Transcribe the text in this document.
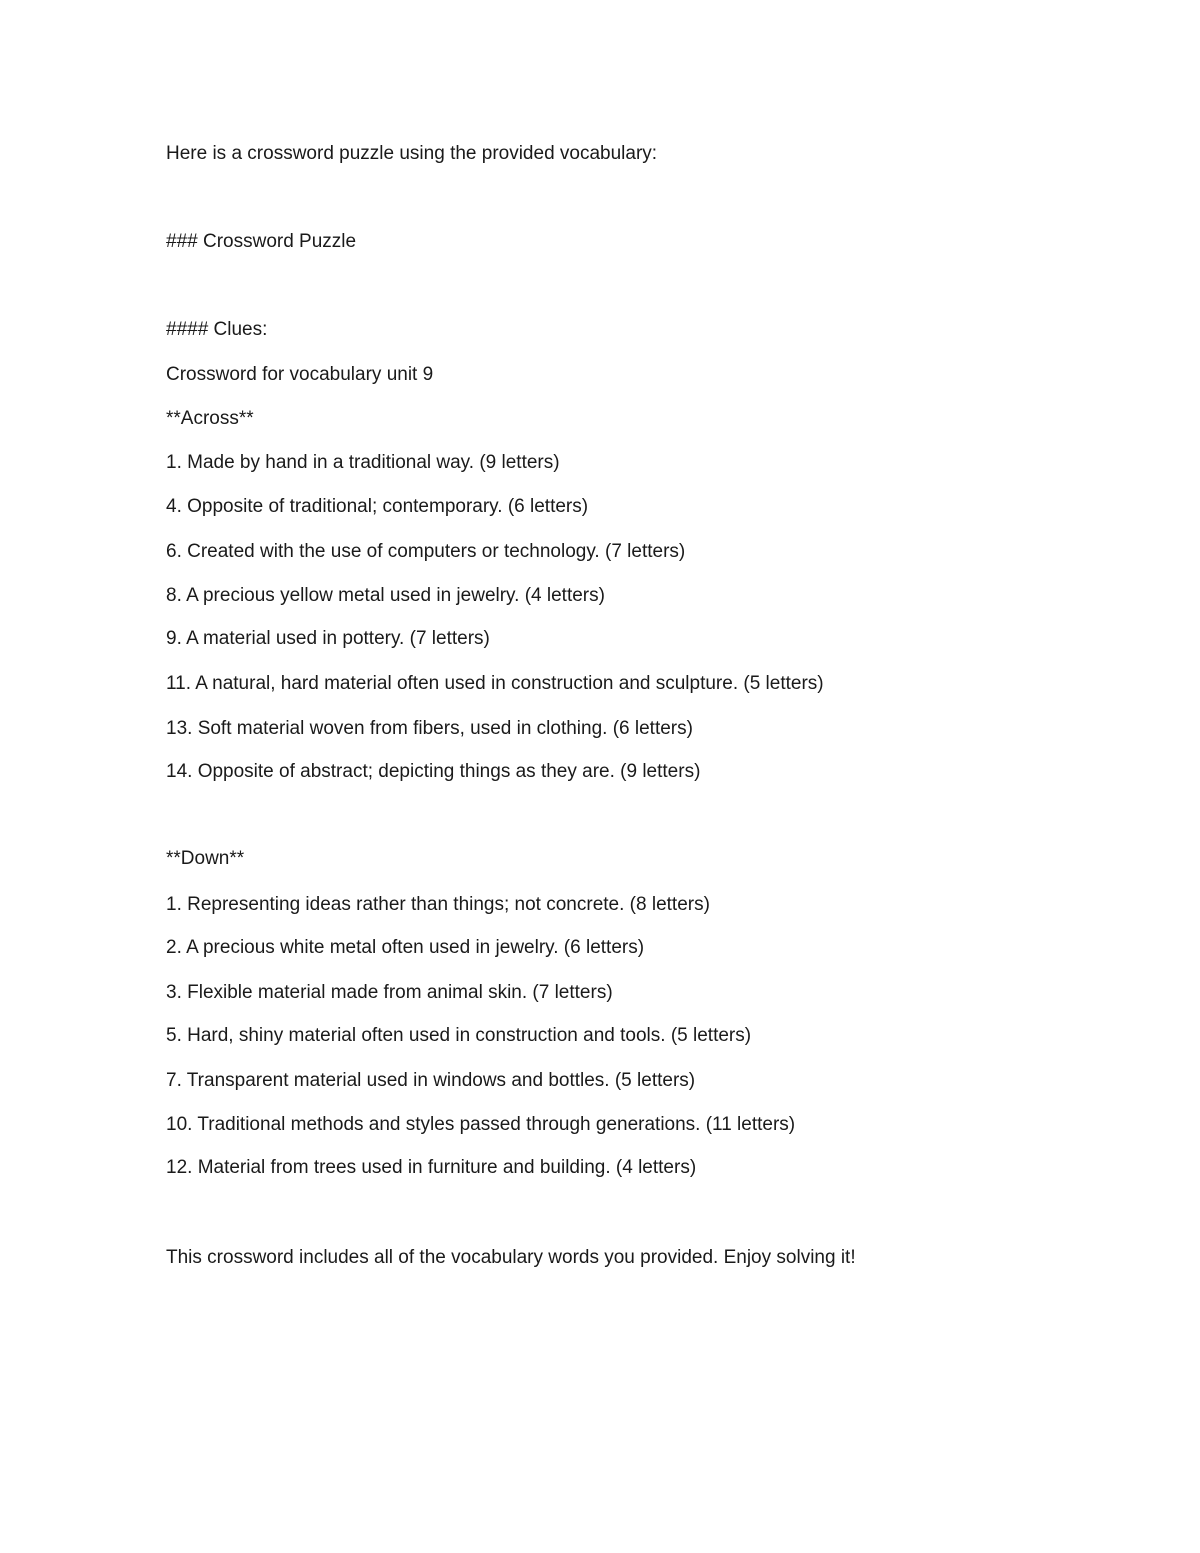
Here is a crossword puzzle using the provided vocabulary:
### Crossword Puzzle
#### Clues:
Crossword for vocabulary unit 9
**Across**
1. Made by hand in a traditional way. (9 letters)
4. Opposite of traditional; contemporary. (6 letters)
6. Created with the use of computers or technology. (7 letters)
8. A precious yellow metal used in jewelry. (4 letters)
9. A material used in pottery. (7 letters)
11. A natural, hard material often used in construction and sculpture. (5 letters)
13. Soft material woven from fibers, used in clothing. (6 letters)
14. Opposite of abstract; depicting things as they are. (9 letters)
**Down**
1. Representing ideas rather than things; not concrete. (8 letters)
2. A precious white metal often used in jewelry. (6 letters)
3. Flexible material made from animal skin. (7 letters)
5. Hard, shiny material often used in construction and tools. (5 letters)
7. Transparent material used in windows and bottles. (5 letters)
10. Traditional methods and styles passed through generations. (11 letters)
12. Material from trees used in furniture and building. (4 letters)
This crossword includes all of the vocabulary words you provided. Enjoy solving it!
